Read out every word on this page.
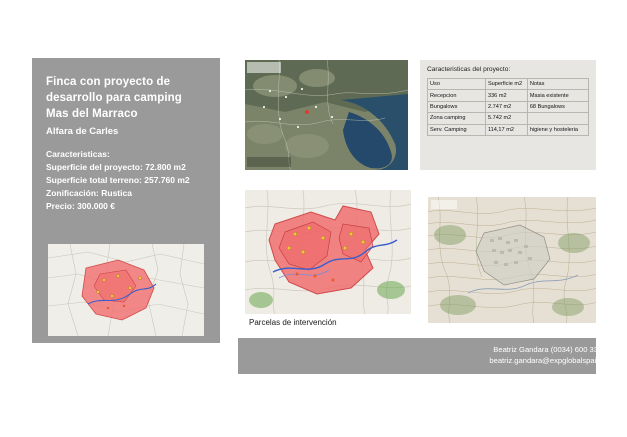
Finca con proyecto de
desarrollo para camping
Mas del Marraco
Alfara de Carles
Caracteristicas:
Superficie del proyecto: 72.800 m2
Superficie total terreno: 257.760 m2
Zonificación: Rustica
Precio: 300.000 €
Caracteristicas del proyecto:
Uso	Superficie m2	Notas
Recepcion	336 m2	Masia existente
Bungalows	2.747 m2	68 Bungalows
Zona camping	5.742 m2	
Serv. Camping	114,17 m2	higiene y hosteleria
Parcelas de intervención
Beatriz Gandara (0034) 600 335 098
beatriz.gandara@expglobalspain.com
